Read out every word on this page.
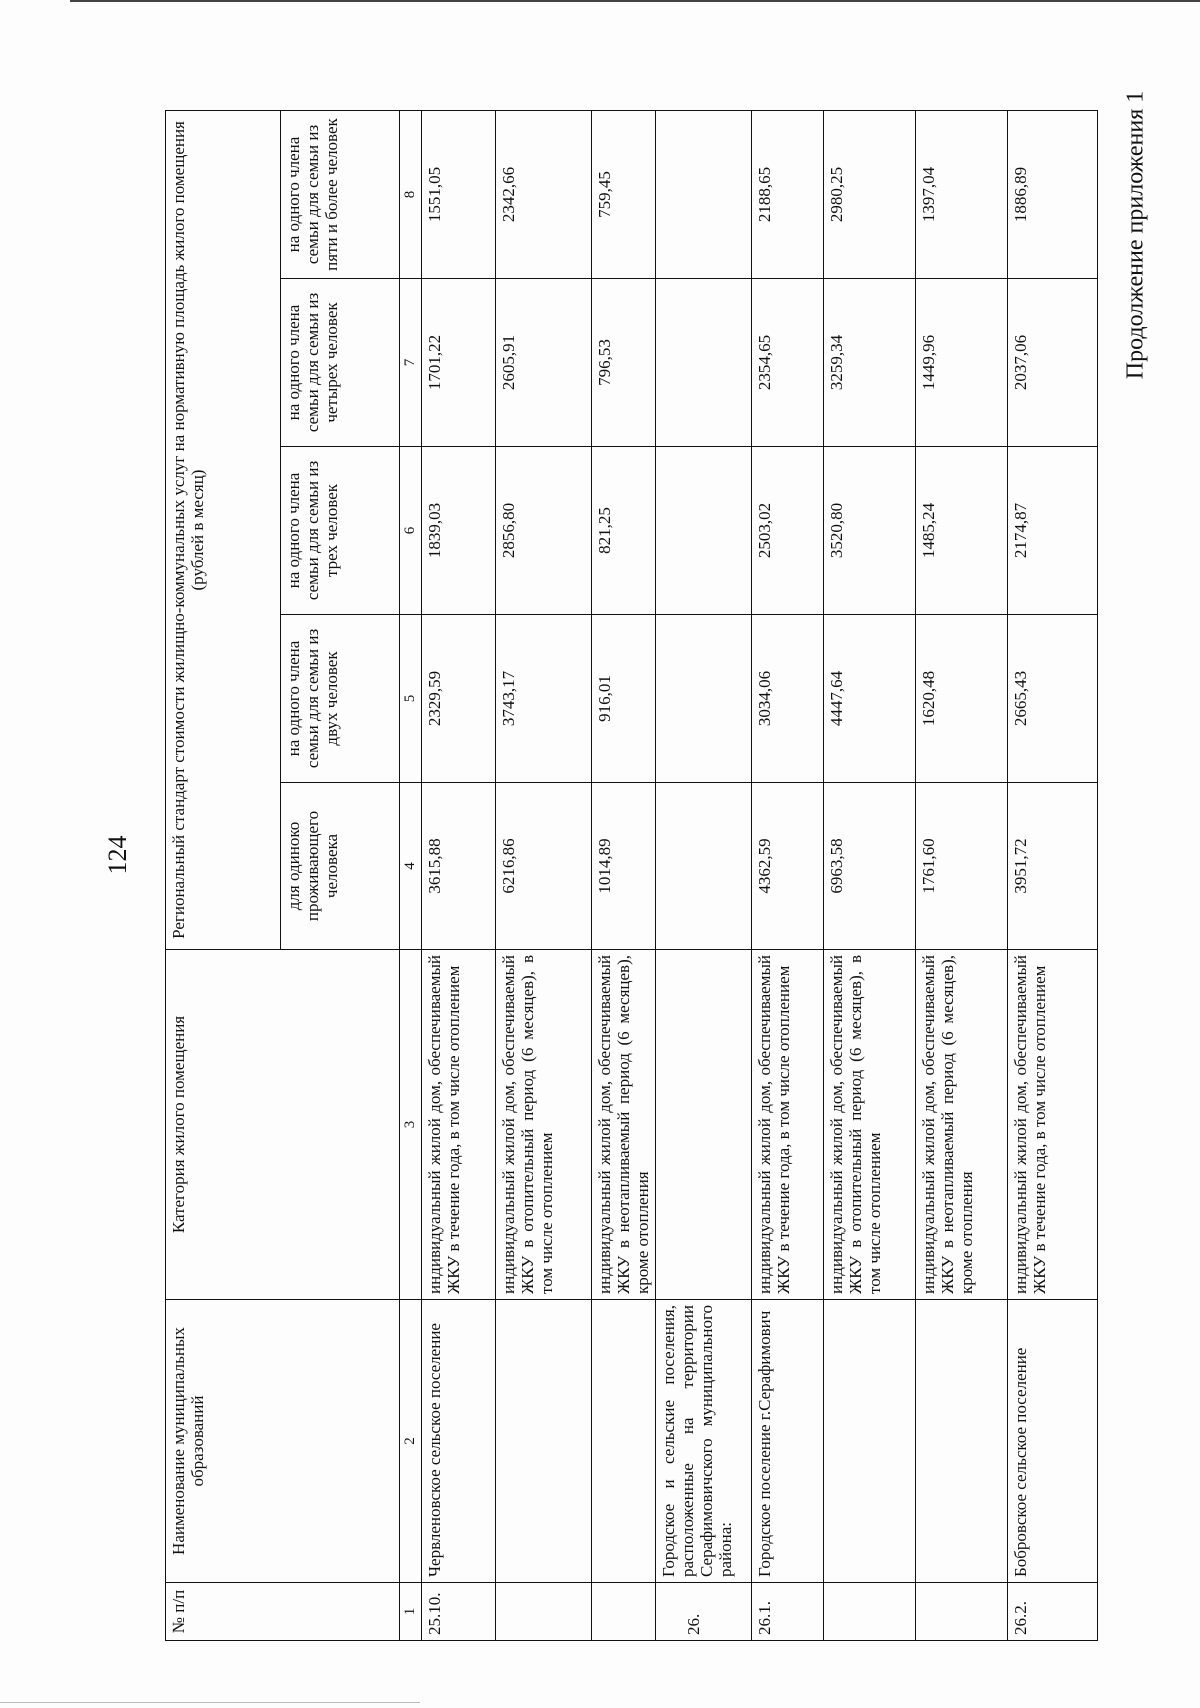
124
Продолжение приложения 1
№ п/п	Наименование муниципальных образований	Категория жилого помещения	Региональный стандарт стоимости жилищно-коммунальных услуг на нормативную площадь жилого помещения (рублей в месяц)				
			для одиноко проживающего человека	на одного члена семьи для семьи из двух человек	на одного члена семьи для семьи из трех человек	на одного члена семьи для семьи из четырех человек	на одного члена семьи для семьи из пяти и более человек
1	2	3	4	5	6	7	8
25.10.	Червленовское сельское поселение	индивидуальный жилой дом, обеспечиваемый ЖКУ в течение года, в том числе отоплением	3615,88	2329,59	1839,03	1701,22	1551,05
		индивидуальный жилой дом, обеспечиваемый ЖКУ в отопительный период (6 месяцев), в том числе отоплением	6216,86	3743,17	2856,80	2605,91	2342,66
		индивидуальный жилой дом, обеспечиваемый ЖКУ в неотапливаемый период (6 месяцев), кроме отопления	1014,89	916,01	821,25	796,53	759,45
26.	Городское и сельские поселения, расположенные на территории Серафимовичского муниципального района:						
26.1.	Городское поселение г.Серафимович	индивидуальный жилой дом, обеспечиваемый ЖКУ в течение года, в том числе отоплением	4362,59	3034,06	2503,02	2354,65	2188,65
		индивидуальный жилой дом, обеспечиваемый ЖКУ в отопительный период (6 месяцев), в том числе отоплением	6963,58	4447,64	3520,80	3259,34	2980,25
		индивидуальный жилой дом, обеспечиваемый ЖКУ в неотапливаемый период (6 месяцев), кроме отопления	1761,60	1620,48	1485,24	1449,96	1397,04
26.2.	Бобровское сельское поселение	индивидуальный жилой дом, обеспечиваемый ЖКУ в течение года, в том числе отоплением	3951,72	2665,43	2174,87	2037,06	1886,89
